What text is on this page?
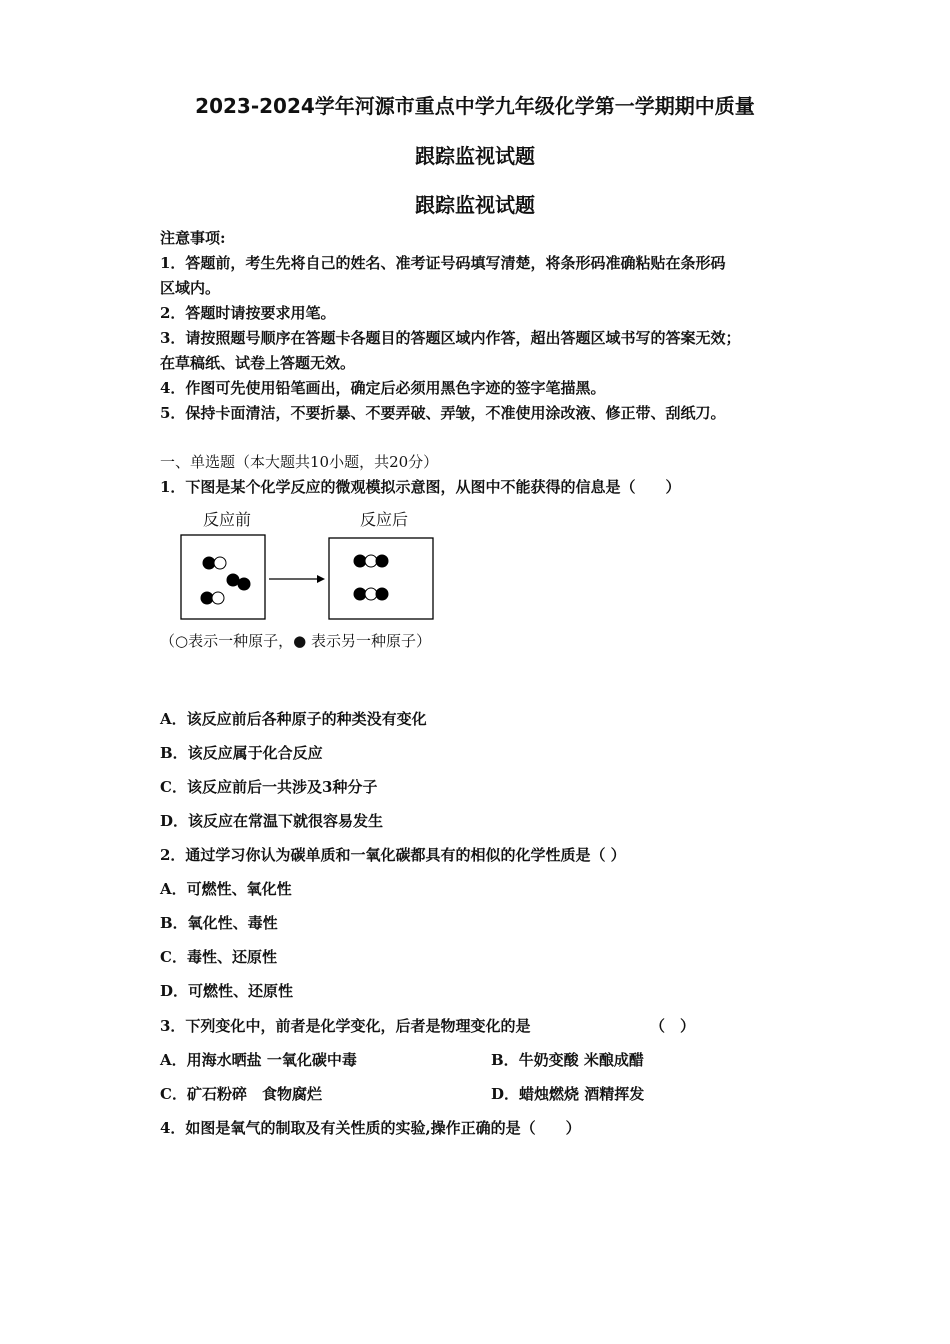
2023-2024学年河源市重点中学九年级化学第一学期期中质量
跟踪监视试题
跟踪监视试题
注意事项:
1．答题前，考生先将自己的姓名、准考证号码填写清楚，将条形码准确粘贴在条形码
区域内。
2．答题时请按要求用笔。
3．请按照题号顺序在答题卡各题目的答题区域内作答，超出答题区域书写的答案无效；
在草稿纸、试卷上答题无效。
4．作图可先使用铅笔画出，确定后必须用黑色字迹的签字笔描黑。
5．保持卡面清洁，不要折暴、不要弄破、弄皱，不准使用涂改液、修正带、刮纸刀。
一、单选题（本大题共10小题，共20分）
1．下图是某个化学反应的微观模拟示意图，从图中不能获得的信息是（　　）
反应前	反应后
（○表示一种原子，● 表示另一种原子）
A．该反应前后各种原子的种类没有变化
B．该反应属于化合反应
C．该反应前后一共涉及3种分子
D．该反应在常温下就很容易发生
2．通过学习你认为碳单质和一氧化碳都具有的相似的化学性质是（ ）
A．可燃性、氧化性
B．氧化性、毒性
C．毒性、还原性
D．可燃性、还原性
3．下列变化中，前者是化学变化，后者是物理变化的是	（　）
A．用海水晒盐 一氧化碳中毒	B．牛奶变酸 米酿成醋
C．矿石粉碎　食物腐烂	D．蜡烛燃烧 酒精挥发
4．如图是氧气的制取及有关性质的实验,操作正确的是（　　）
